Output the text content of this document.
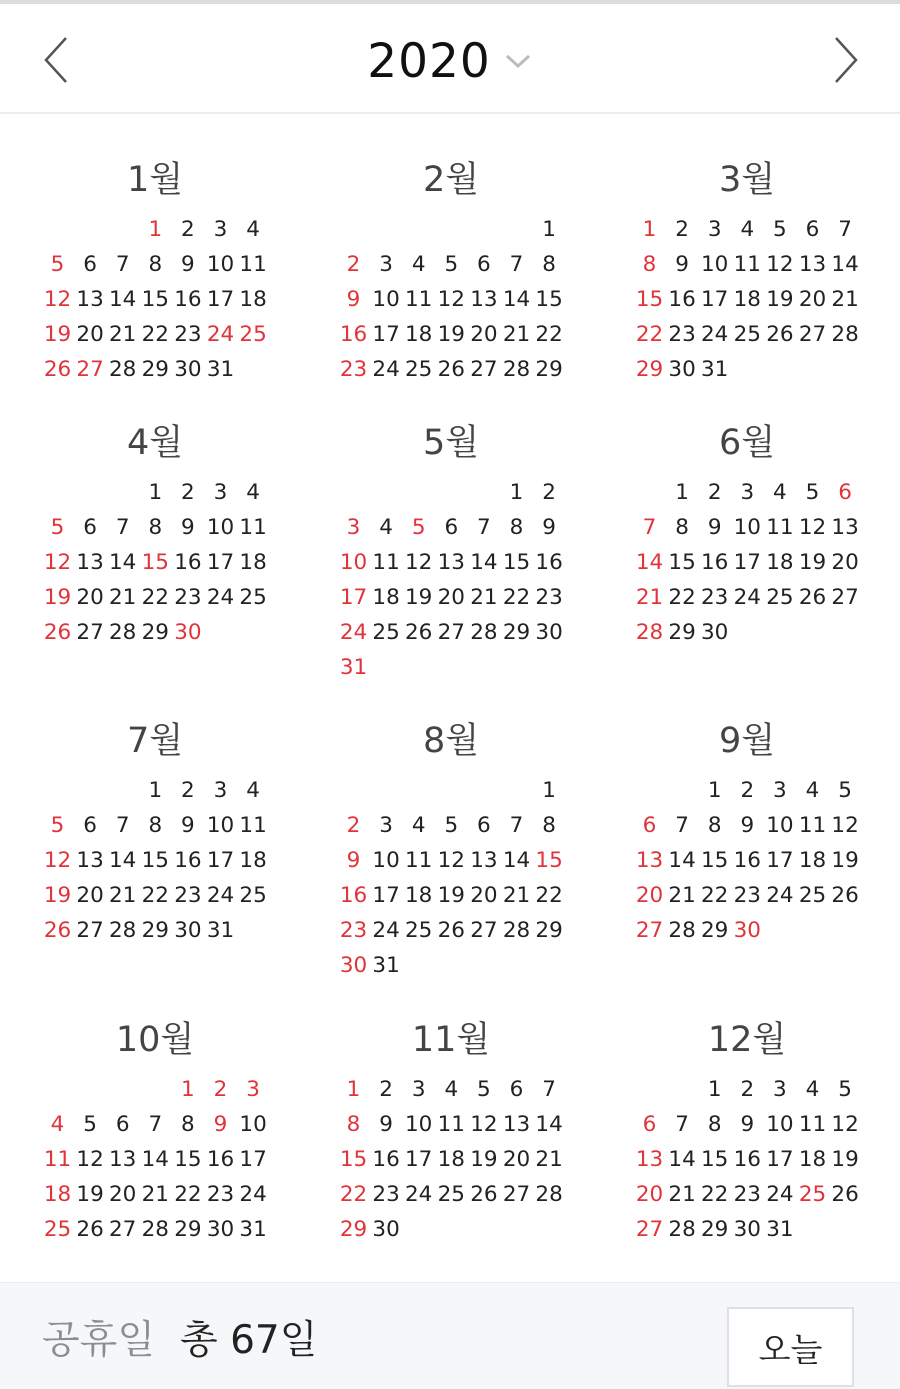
2020
1월
1 2 3 4
5 6 7 8 9 10 11
12 13 14 15 16 17 18
19 20 21 22 23 24 25
26 27 28 29 30 31
2월
1
2 3 4 5 6 7 8
9 10 11 12 13 14 15
16 17 18 19 20 21 22
23 24 25 26 27 28 29
3월
1 2 3 4 5 6 7
8 9 10 11 12 13 14
15 16 17 18 19 20 21
22 23 24 25 26 27 28
29 30 31
4월
1 2 3 4
5 6 7 8 9 10 11
12 13 14 15 16 17 18
19 20 21 22 23 24 25
26 27 28 29 30
5월
1 2
3 4 5 6 7 8 9
10 11 12 13 14 15 16
17 18 19 20 21 22 23
24 25 26 27 28 29 30
31
6월
1 2 3 4 5 6
7 8 9 10 11 12 13
14 15 16 17 18 19 20
21 22 23 24 25 26 27
28 29 30
7월
1 2 3 4
5 6 7 8 9 10 11
12 13 14 15 16 17 18
19 20 21 22 23 24 25
26 27 28 29 30 31
8월
1
2 3 4 5 6 7 8
9 10 11 12 13 14 15
16 17 18 19 20 21 22
23 24 25 26 27 28 29
30 31
9월
1 2 3 4 5
6 7 8 9 10 11 12
13 14 15 16 17 18 19
20 21 22 23 24 25 26
27 28 29 30
10월
1 2 3
4 5 6 7 8 9 10
11 12 13 14 15 16 17
18 19 20 21 22 23 24
25 26 27 28 29 30 31
11월
1 2 3 4 5 6 7
8 9 10 11 12 13 14
15 16 17 18 19 20 21
22 23 24 25 26 27 28
29 30
12월
1 2 3 4 5
6 7 8 9 10 11 12
13 14 15 16 17 18 19
20 21 22 23 24 25 26
27 28 29 30 31
공휴일 총 67일	오늘
